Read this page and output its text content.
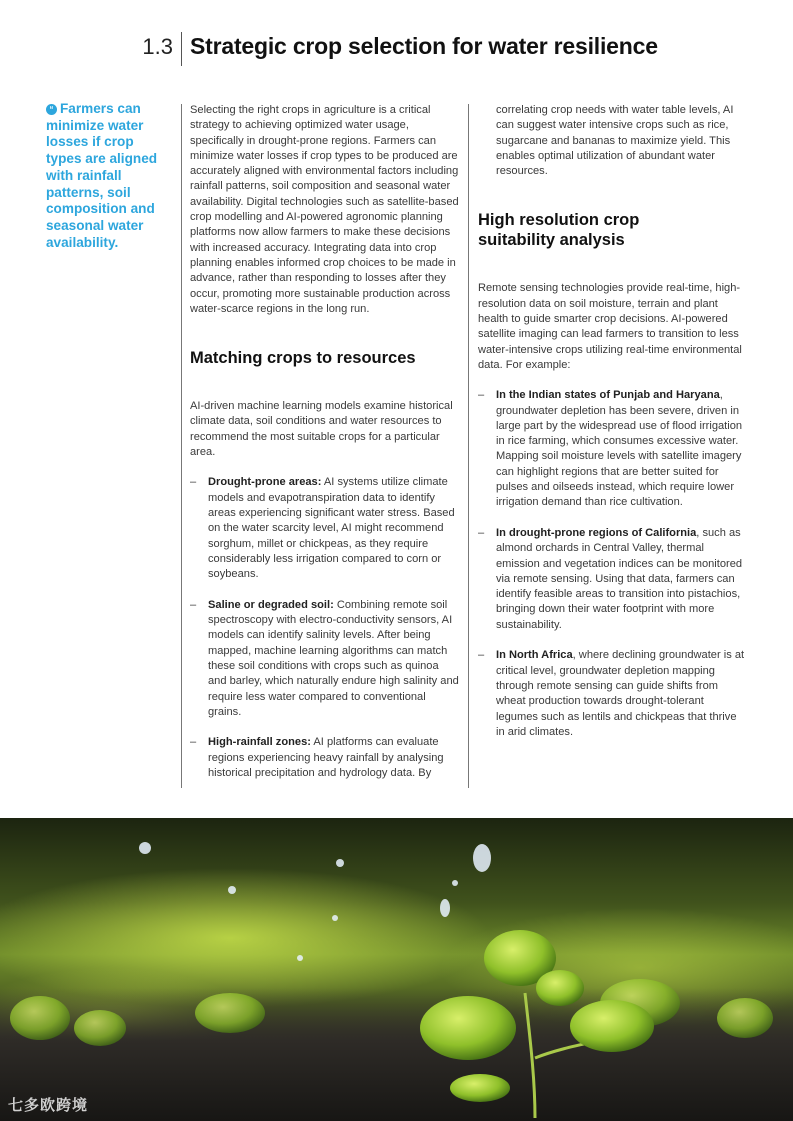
1.3 Strategic crop selection for water resilience

“ Farmers can minimize water losses if crop types are aligned with rainfall patterns, soil composition and seasonal water availability.

Selecting the right crops in agriculture is a critical strategy to achieving optimized water usage, specifically in drought-prone regions. Farmers can minimize water losses if crop types to be produced are accurately aligned with environmental factors including rainfall patterns, soil composition and seasonal water availability. Digital technologies such as satellite-based crop modelling and AI-powered agronomic planning platforms now allow farmers to make these decisions with increased accuracy. Integrating data into crop planning enables informed crop choices to be made in advance, rather than responding to losses after they occur, promoting more sustainable production across water-scarce regions in the long run.

Matching crops to resources

AI-driven machine learning models examine historical climate data, soil conditions and water resources to recommend the most suitable crops for a particular area.

– Drought-prone areas: AI systems utilize climate models and evapotranspiration data to identify areas experiencing significant water stress. Based on the water scarcity level, AI might recommend sorghum, millet or chickpeas, as they require considerably less irrigation compared to corn or soybeans.
– Saline or degraded soil: Combining remote soil spectroscopy with electro-conductivity sensors, AI models can identify salinity levels. After being mapped, machine learning algorithms can match these soil conditions with crops such as quinoa and barley, which naturally endure high salinity and require less water compared to conventional grains.
– High-rainfall zones: AI platforms can evaluate regions experiencing heavy rainfall by analysing historical precipitation and hydrology data. By

correlating crop needs with water table levels, AI can suggest water intensive crops such as rice, sugarcane and bananas to maximize yield. This enables optimal utilization of abundant water resources.

High resolution crop suitability analysis

Remote sensing technologies provide real-time, high-resolution data on soil moisture, terrain and plant health to guide smarter crop decisions. AI-powered satellite imaging can lead farmers to transition to less water-intensive crops utilizing real-time environmental data. For example:

– In the Indian states of Punjab and Haryana, groundwater depletion has been severe, driven in large part by the widespread use of flood irrigation in rice farming, which consumes excessive water. Mapping soil moisture levels with satellite imagery can highlight regions that are better suited for pulses and oilseeds instead, which require lower irrigation demand than rice cultivation.
– In drought-prone regions of California, such as almond orchards in Central Valley, thermal emission and vegetation indices can be monitored via remote sensing. Using that data, farmers can identify feasible areas to transition into pistachios, bringing down their water footprint with more sustainability.
– In North Africa, where declining groundwater is at critical level, groundwater depletion mapping through remote sensing can guide shifts from wheat production towards drought-tolerant legumes such as lentils and chickpeas that thrive in arid climates.
七多欧跨境
